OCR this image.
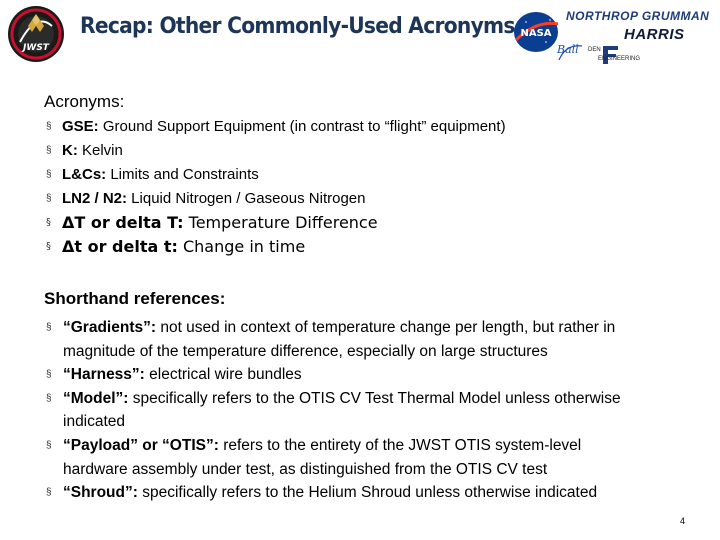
JWST
Recap: Other Commonly-Used Acronyms NASA
NORTHROP GRUMMAN
HARRIS
Ball DEN
ENGINEERING
Acronyms:
§ GSE: Ground Support Equipment (in contrast to “flight” equipment)
§ K: Kelvin
§ L&Cs: Limits and Constraints
§ LN2 / N2: Liquid Nitrogen / Gaseous Nitrogen
§ ΔT or delta T: Temperature Difference
§ Δt or delta t: Change in time
Shorthand references:
§ “Gradients”: not used in context of temperature change per length, but rather in magnitude of the temperature difference, especially on large structures
§ “Harness”: electrical wire bundles
§ “Model”: specifically refers to the OTIS CV Test Thermal Model unless otherwise indicated
§ “Payload” or “OTIS”: refers to the entirety of the JWST OTIS system-level hardware assembly under test, as distinguished from the OTIS CV test
§ “Shroud”: specifically refers to the Helium Shroud unless otherwise indicated
4
